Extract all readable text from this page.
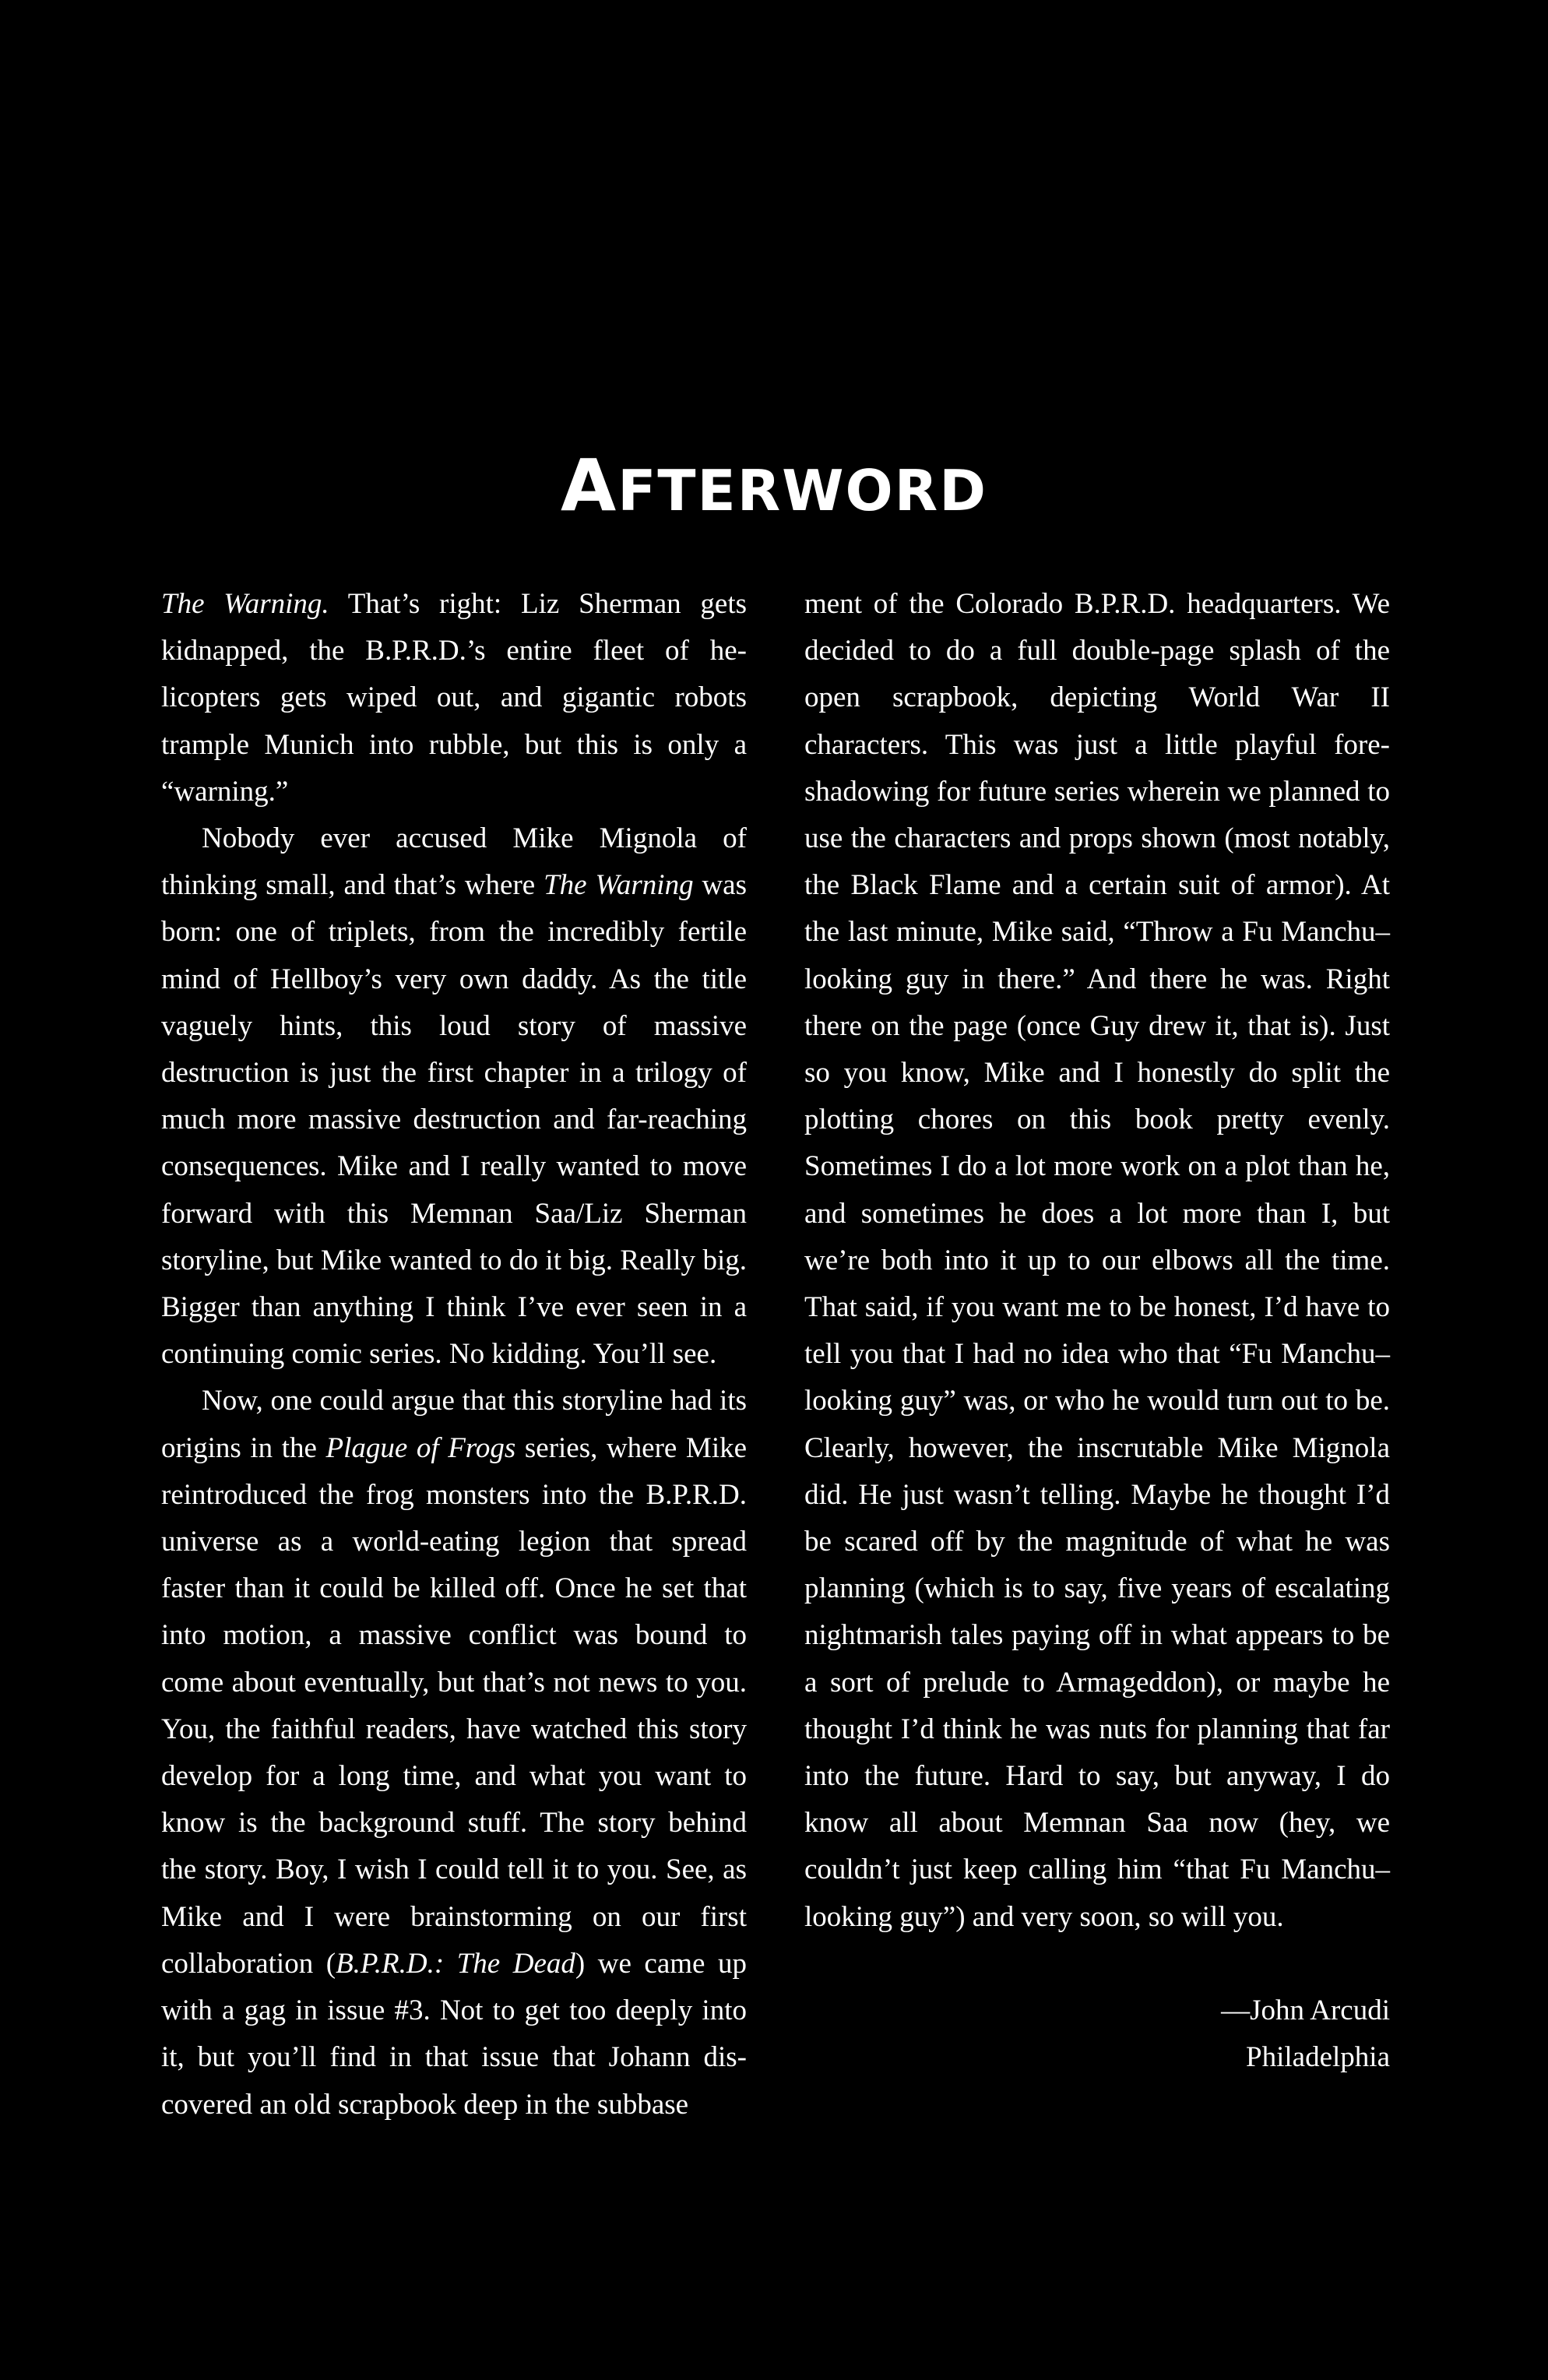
AFTERWORD

The Warning. That’s right: Liz Sherman gets kidnapped, the B.P.R.D.’s entire fleet of helicopters gets wiped out, and gigantic robots trample Munich into rubble, but this is only a “warning.”

Nobody ever accused Mike Mignola of thinking small, and that’s where The Warning was born: one of triplets, from the incredibly fertile mind of Hellboy’s very own daddy. As the title vaguely hints, this loud story of massive destruction is just the first chapter in a trilogy of much more massive destruction and far-reaching consequences. Mike and I really wanted to move forward with this Memnan Saa/Liz Sherman storyline, but Mike wanted to do it big. Really big. Bigger than anything I think I’ve ever seen in a continuing comic series. No kidding. You’ll see.

Now, one could argue that this storyline had its origins in the Plague of Frogs series, where Mike reintroduced the frog monsters into the B.P.R.D. universe as a world-eating legion that spread faster than it could be killed off. Once he set that into motion, a massive conflict was bound to come about eventually, but that’s not news to you. You, the faithful readers, have watched this story develop for a long time, and what you want to know is the background stuff. The story behind the story. Boy, I wish I could tell it to you. See, as Mike and I were brainstorming on our first collaboration (B.P.R.D.: The Dead) we came up with a gag in issue #3. Not to get too deeply into it, but you’ll find in that issue that Johann discovered an old scrapbook deep in the subbase

ment of the Colorado B.P.R.D. headquarters. We decided to do a full double-page splash of the open scrapbook, depicting World War II characters. This was just a little playful foreshadowing for future series wherein we planned to use the characters and props shown (most notably, the Black Flame and a certain suit of armor). At the last minute, Mike said, “Throw a Fu Manchu–looking guy in there.” And there he was. Right there on the page (once Guy drew it, that is). Just so you know, Mike and I honestly do split the plotting chores on this book pretty evenly. Sometimes I do a lot more work on a plot than he, and sometimes he does a lot more than I, but we’re both into it up to our elbows all the time. That said, if you want me to be honest, I’d have to tell you that I had no idea who that “Fu Manchu–looking guy” was, or who he would turn out to be. Clearly, however, the inscrutable Mike Mignola did. He just wasn’t telling. Maybe he thought I’d be scared off by the magnitude of what he was planning (which is to say, five years of escalating nightmarish tales paying off in what appears to be a sort of prelude to Armageddon), or maybe he thought I’d think he was nuts for planning that far into the future. Hard to say, but anyway, I do know all about Memnan Saa now (hey, we couldn’t just keep calling him “that Fu Manchu–looking guy”) and very soon, so will you.

—John Arcudi
Philadelphia
